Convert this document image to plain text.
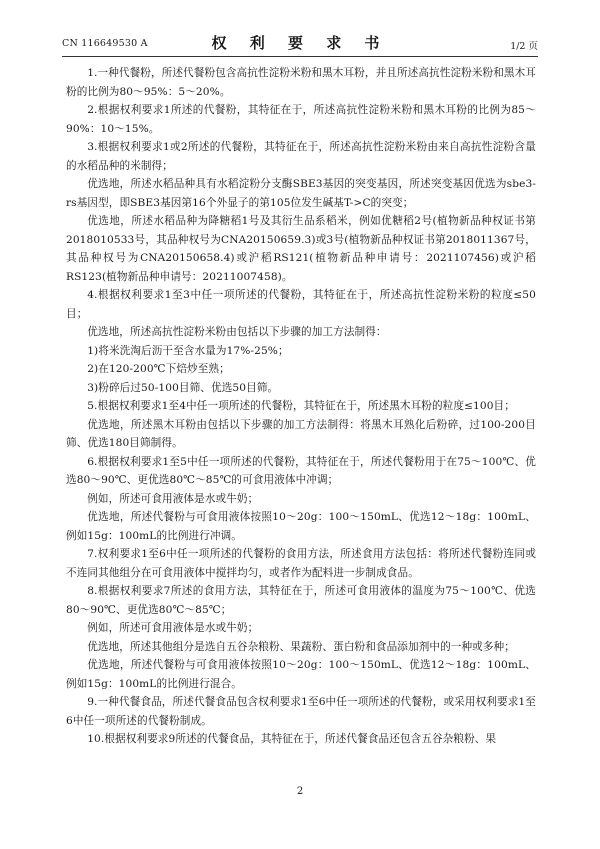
CN 116649530 A	权 利 要 求 书	1/2 页

1.一种代餐粉，所述代餐粉包含高抗性淀粉米粉和黑木耳粉，并且所述高抗性淀粉米粉和黑木耳粉的比例为80～95%：5～20%。

2.根据权利要求1所述的代餐粉，其特征在于，所述高抗性淀粉米粉和黑木耳粉的比例为85～90%：10～15%。

3.根据权利要求1或2所述的代餐粉，其特征在于，所述高抗性淀粉米粉由来自高抗性淀粉含量的水稻品种的米制得；

优选地，所述水稻品种具有水稻淀粉分支酶SBE3基因的突变基因，所述突变基因优选为sbe3-rs基因型，即SBE3基因第16个外显子的第105位发生碱基T->C的突变；

优选地，所述水稻品种为降糖稻1号及其衍生品系稻米，例如优糖稻2号(植物新品种权证书第2018010533号，其品种权号为CNA20150659.3)或3号(植物新品种权证书第2018011367号，其品种权号为CNA20150658.4)或沪稻RS121(植物新品种申请号：2021107456)或沪稻RS123(植物新品种申请号：20211007458)。

4.根据权利要求1至3中任一项所述的代餐粉，其特征在于，所述高抗性淀粉米粉的粒度≤50目；

优选地，所述高抗性淀粉米粉由包括以下步骤的加工方法制得：

1)将米洗淘后沥干至含水量为17%-25%；

2)在120-200℃下焙炒至熟；

3)粉碎后过50-100目筛、优选50目筛。

5.根据权利要求1至4中任一项所述的代餐粉，其特征在于，所述黑木耳粉的粒度≤100目；

优选地，所述黑木耳粉由包括以下步骤的加工方法制得：将黑木耳熟化后粉碎，过100-200目筛、优选180目筛制得。

6.根据权利要求1至5中任一项所述的代餐粉，其特征在于，所述代餐粉用于在75～100℃、优选80～90℃、更优选80℃～85℃的可食用液体中冲调；

例如，所述可食用液体是水或牛奶；

优选地，所述代餐粉与可食用液体按照10～20g：100～150mL、优选12～18g：100mL、例如15g：100mL的比例进行冲调。

7.权利要求1至6中任一项所述的代餐粉的食用方法，所述食用方法包括：将所述代餐粉连同或不连同其他组分在可食用液体中搅拌均匀，或者作为配料进一步制成食品。

8.根据权利要求7所述的食用方法，其特征在于，所述可食用液体的温度为75～100℃、优选80～90℃、更优选80℃～85℃；

例如，所述可食用液体是水或牛奶；

优选地，所述其他组分是选自五谷杂粮粉、果蔬粉、蛋白粉和食品添加剂中的一种或多种；

优选地，所述代餐粉与可食用液体按照10～20g：100～150mL、优选12～18g：100mL、例如15g：100mL的比例进行混合。

9.一种代餐食品，所述代餐食品包含权利要求1至6中任一项所述的代餐粉，或采用权利要求1至6中任一项所述的代餐粉制成。

10.根据权利要求9所述的代餐食品，其特征在于，所述代餐食品还包含五谷杂粮粉、果

2
